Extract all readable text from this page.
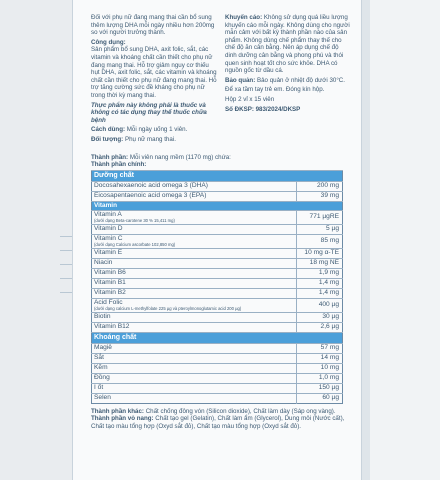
Đối với phụ nữ đang mang thai cần bổ sung thêm lượng DHA mỗi ngày nhiều hơn 200mg so với người trưởng thành.

Công dụng:
Sản phẩm bổ sung DHA, axit folic, sắt, các vitamin và khoáng chất cần thiết cho phụ nữ đang mang thai. Hỗ trợ giảm nguy cơ thiếu hụt DHA, axit folic, sắt, các vitamin và khoáng chất cần thiết cho phụ nữ đang mang thai. Hỗ trợ tăng cường sức đề kháng cho phụ nữ trong thời kỳ mang thai.

Thực phẩm này không phải là thuốc và không có tác dụng thay thế thuốc chữa bệnh

Cách dùng: Mỗi ngày uống 1 viên.

Đối tượng: Phụ nữ mang thai.

Khuyến cáo: Không sử dụng quá liều lượng khuyến cáo mỗi ngày. Không dùng cho người mẫn cảm với bất kỳ thành phần nào của sản phẩm. Không dùng chế phẩm thay thế cho chế độ ăn cân bằng. Nên áp dụng chế độ dinh dưỡng cân bằng và phong phú và thói quen sinh hoạt tốt cho sức khỏe. DHA có nguồn gốc từ dầu cá.

Bảo quản: Bảo quản ở nhiệt độ dưới 30°C.

Để xa tầm tay trẻ em. Đóng kín hộp.

Hộp 2 vỉ x 15 viên

Số ĐKSP: 983/2024/DKSP

Thành phần: Mỗi viên nang mềm (1170 mg) chứa:
Thành phần chính:
Dưỡng chất	
Docosahexaenoic acid omega 3 (DHA)	200 mg
Eicosapentaenoic acid omega 3 (EPA)	39 mg
Vitamin	
Vitamin A
(dưới dạng Beta-carotene 30 % 15,411 mg)	771 µgRE
Vitamin D	5 µg
Vitamin C
(dưới dạng Calcium ascorbate 102,850 mg)	85 mg
Vitamin E	10 mg α-TE
Niacin	18 mg NE
Vitamin B6	1,9 mg
Vitamin B1	1,4 mg
Vitamin B2	1,4 mg
Acid Folic
(dưới dạng calcium L-methylfolate 225 µg và pteroylmonoglutamic acid 200 µg)	400 µg
Biotin	30 µg
Vitamin B12	2,6 µg
Khoáng chất	
Magiê	57 mg
Sắt	14 mg
Kẽm	10 mg
Đồng	1,0 mg
I ốt	150 µg
Selen	60 µg
Thành phần khác: Chất chống đông vón (Silicon dioxide), Chất làm dày (Sáp ong vàng).
Thành phần vỏ nang: Chất tạo gel (Gelatin), Chất làm ẩm (Glycerol), Dung môi (Nước cất), Chất tạo màu tổng hợp (Oxyd sắt đỏ), Chất tạo màu tổng hợp (Oxyd sắt đỏ).
